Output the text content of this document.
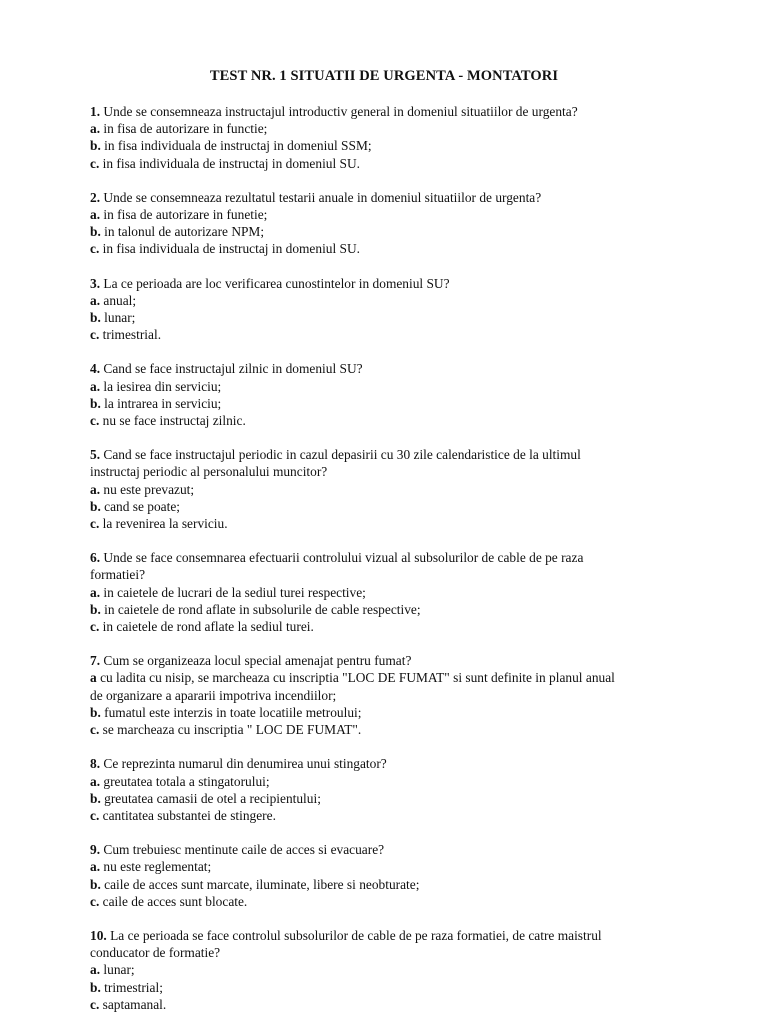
TEST NR. 1 SITUATII DE URGENTA - MONTATORI

1. Unde se consemneaza instructajul introductiv general in domeniul situatiilor de urgenta?

a. in fisa de autorizare in functie;

b. in fisa individuala de instructaj in domeniul SSM;

c. in fisa individuala de instructaj in domeniul SU.

2. Unde se consemneaza rezultatul testarii anuale in domeniul situatiilor de urgenta?

a. in fisa de autorizare in funetie;

b. in talonul de autorizare NPM;

c. in fisa individuala de instructaj in domeniul SU.

3. La ce perioada are loc verificarea cunostintelor in domeniul SU?

a. anual;

b. lunar;

c. trimestrial.

4. Cand se face instructajul zilnic in domeniul SU?

a. la iesirea din serviciu;

b. la intrarea in serviciu;

c. nu se face instructaj zilnic.

5. Cand se face instructajul periodic in cazul depasirii cu 30 zile calendaristice de la ultimul

instructaj periodic al personalului muncitor?

a. nu este prevazut;

b. cand se poate;

c. la revenirea la serviciu.

6. Unde se face consemnarea efectuarii controlului vizual al subsolurilor de cable de pe raza

formatiei?

a. in caietele de lucrari de la sediul turei respective;

b. in caietele de rond aflate in subsolurile de cable respective;

c. in caietele de rond aflate la sediul turei.

7. Cum se organizeaza locul special amenajat pentru fumat?

a cu ladita cu nisip, se marcheaza cu inscriptia "LOC DE FUMAT" si sunt definite in planul anual

de organizare a apararii impotriva incendiilor;

b. fumatul este interzis in toate locatiile metroului;

c. se marcheaza cu inscriptia " LOC DE FUMAT".

8. Ce reprezinta numarul din denumirea unui stingator?

a. greutatea totala a stingatorului;

b. greutatea camasii de otel a recipientului;

c. cantitatea substantei de stingere.

9. Cum trebuiesc mentinute caile de acces si evacuare?

a. nu este reglementat;

b. caile de acces sunt marcate, iluminate, libere si neobturate;

c. caile de acces sunt blocate.

10. La ce perioada se face controlul subsolurilor de cable de pe raza formatiei, de catre maistrul

conducator de formatie?

a. lunar;

b. trimestrial;

c. saptamanal.
